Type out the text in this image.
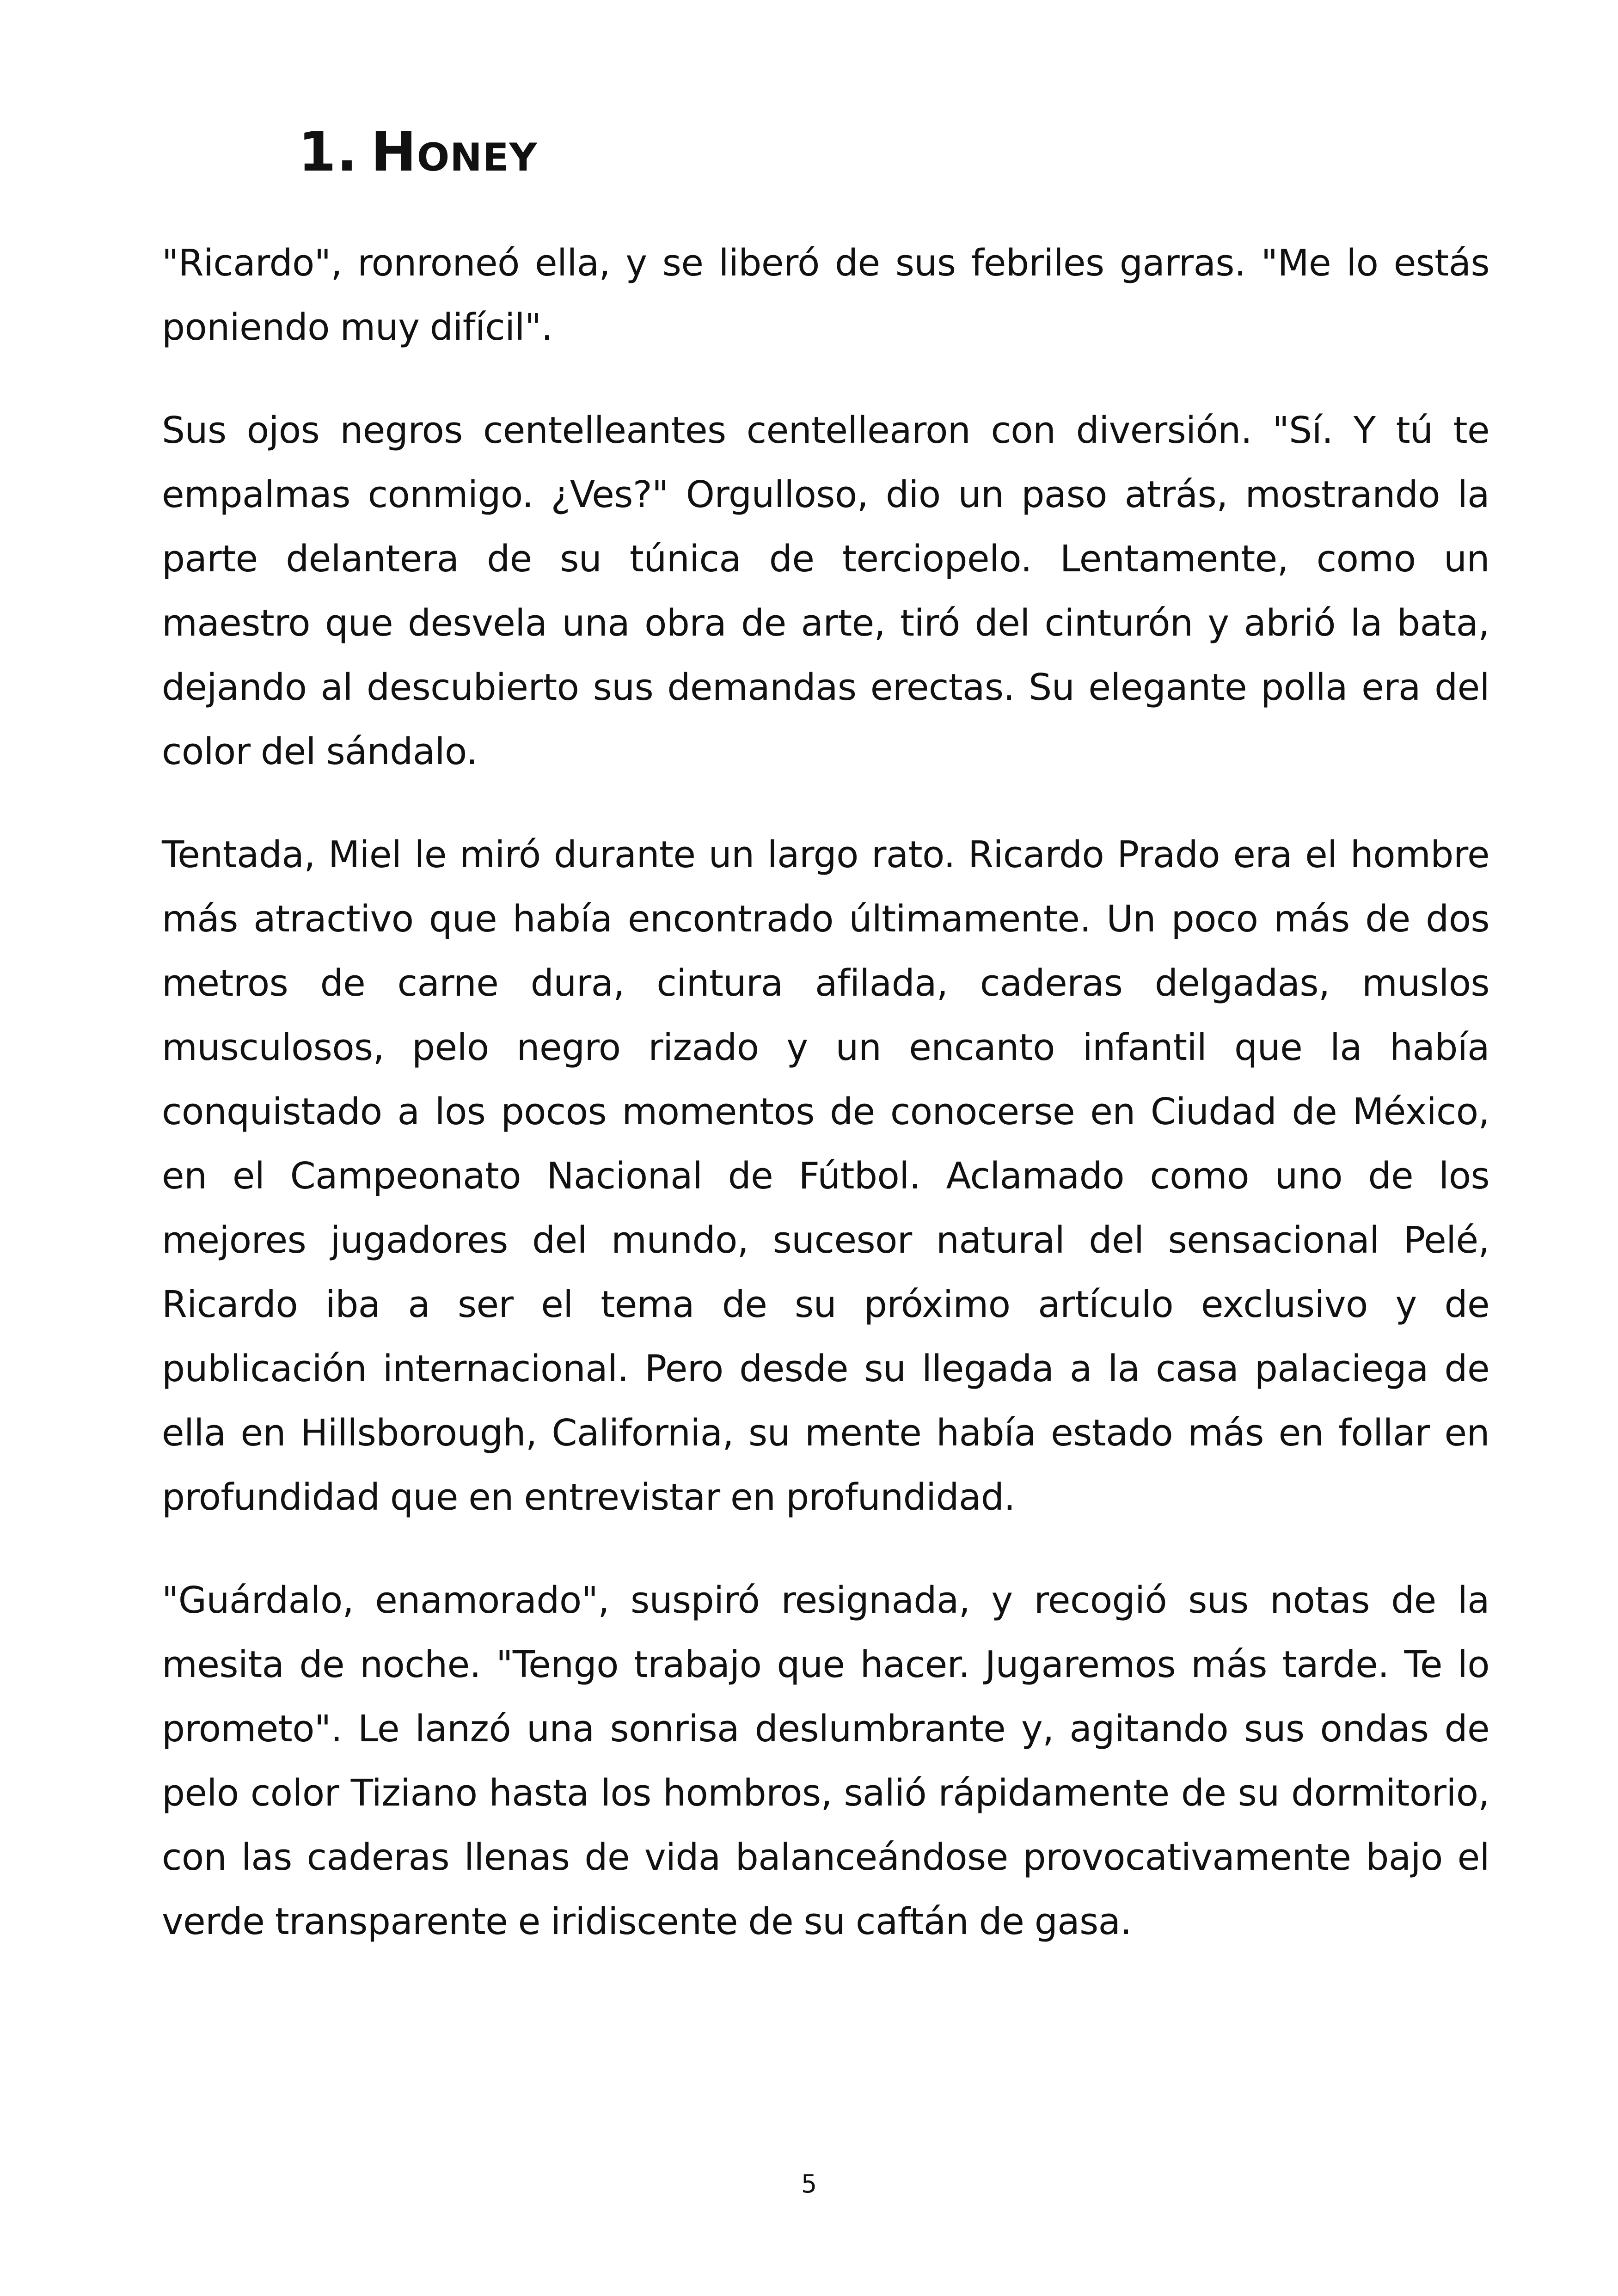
1. Honey

"Ricardo", ronroneó ella, y se liberó de sus febriles garras. "Me lo estás poniendo muy difícil".

Sus ojos negros centelleantes centellearon con diversión. "Sí. Y tú te empalmas conmigo. ¿Ves?" Orgulloso, dio un paso atrás, mostrando la parte delantera de su túnica de terciopelo. Lentamente, como un maestro que desvela una obra de arte, tiró del cinturón y abrió la bata, dejando al descubierto sus demandas erectas. Su elegante polla era del color del sándalo.

Tentada, Miel le miró durante un largo rato. Ricardo Prado era el hombre más atractivo que había encontrado últimamente. Un poco más de dos metros de carne dura, cintura afilada, caderas delgadas, muslos musculosos, pelo negro rizado y un encanto infantil que la había conquistado a los pocos momentos de conocerse en Ciudad de México, en el Campeonato Nacional de Fútbol. Aclamado como uno de los mejores jugadores del mundo, sucesor natural del sensacional Pelé, Ricardo iba a ser el tema de su próximo artículo exclusivo y de publicación internacional. Pero desde su llegada a la casa palaciega de ella en Hillsborough, California, su mente había estado más en follar en profundidad que en entrevistar en profundidad.

"Guárdalo, enamorado", suspiró resignada, y recogió sus notas de la mesita de noche. "Tengo trabajo que hacer. Jugaremos más tarde. Te lo prometo". Le lanzó una sonrisa deslumbrante y, agitando sus ondas de pelo color Tiziano hasta los hombros, salió rápidamente de su dormitorio, con las caderas llenas de vida balanceándose provocativamente bajo el verde transparente e iridiscente de su caftán de gasa.

5
